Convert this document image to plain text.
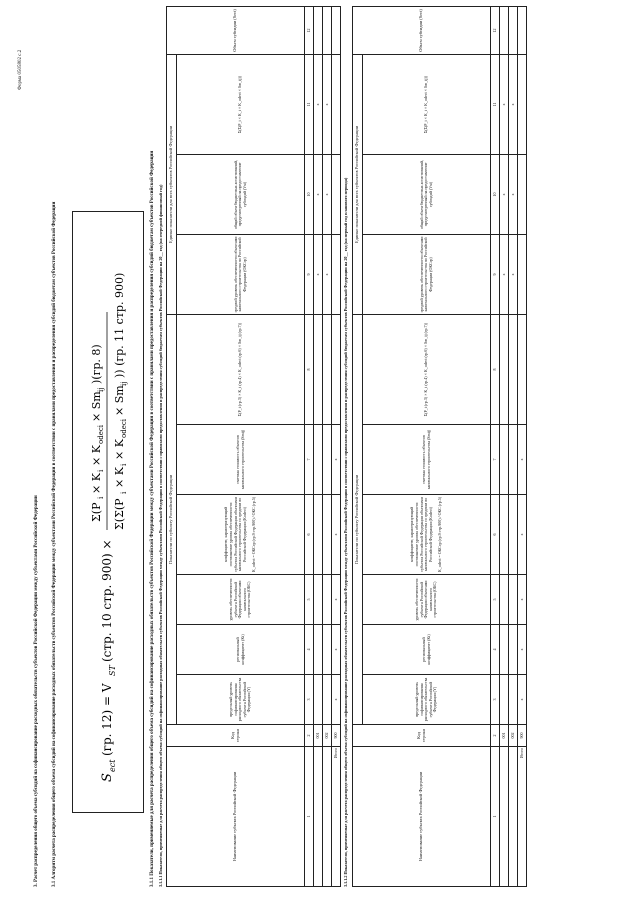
Форма 0505802 с.2
3. Расчет распределения общего объема субсидий на софинансирование расходных обязательств субъектов Российской Федерации между субъектами Российской Федерации	3.1 Алгоритм расчета распределения общего объема субсидий на софинансирование расходных обязательств субъектов Российской Федерации между субъектами Российской Федерации в соответствии с правилами предоставления и распределения субсидий бюджетам субъектов Российской Федерации	S
ect
(гр. 12) = V
ST
(стр. 10 стр. 900) ×
Σ(P
i
× K
i
× K
odeci
× Sm
ij
)(гр. 8)
Σ(Σ(P
i
× K
i
× K
odeci
× Sm
ij
)) (гр. 11 стр. 900)	3.1.1 Показатели, применяемые для расчета распределения общего объема субсидий на софинансирование расходных обязательств субъектов Российской Федерации между субъектами Российской Федерации в соответствии с правилами предоставления и распределения субсидий бюджетам субъектов Российской Федерации 3.1.1.1 Показатели, применяемые для расчета распределения общего объема субсидий на софинансирование расходных обязательств субъектов Российской Федерации между субъектами Российской Федерации в соответствии с правилами предоставления и распределения субсидий бюджетам субъектов Российской Федерации на 20__ год (на очередной финансовый год)	Наименование субъекта Российской Федерации	Код строки	Показатели по субъекту Российской Федерации						Единые показатели для всех субъектов Российской Федерации			Объем субсидии (Sect)
		предельный уровень софинансирования расходного обязательства субъекта Российской Федерации (Y)	региональный коэффициент (Ki)	уровень обеспеченности субъекта Российской Федерации объектами капитального строительства (ОКС)	коэффициент, характеризующий соотношение уровня обеспеченности субъекта Российской Федерации объектами капитального строительства со средним по Российской Федерации (Kodeci) K_odeci = ОКСср (гр.9 стр.900) / ОКС (гр.5)	сметная стоимость объектов капитального строительства (Smij)	Σ(P_i (гр.3) × K_i (гр.4) × K_odeci (гр.6) × Sm_ij (гр.7))	средний уровень обеспеченности объектами капитального строительства по Российской Федерации (ОКСср)	общий объем бюджетных ассигнований, предусмотренный на предоставление субсидий (Vst)	Σ(Σ(P_i × K_i × K_odeci × Sm_ij))	
1	2	3	4	5	6	7	8	9	10	11	12
	001							x	x	x	
	002							x	x	x	
Итого	900	x	x	x	x	x					3.1.1.2 Показатели, применяемые для расчета распределения общего объема субсидий на софинансирование расходных обязательств субъектов Российской Федерации между субъектами Российской Федерации в соответствии с правилами предоставления и распределения субсидий бюджетам субъектов Российской Федерации на 20__ год (на первый год планового периода)	Наименование субъекта Российской Федерации	Код строки	Показатели по субъекту Российской Федерации						Единые показатели для всех субъектов Российской Федерации			Объем субсидии (Sect)
		предельный уровень софинансирования расходного обязательства субъекта Российской Федерации (Y)	региональный коэффициент (Ki)	уровень обеспеченности субъекта Российской Федерации объектами капитального строительства (ОКС)	коэффициент, характеризующий соотношение уровня обеспеченности субъекта Российской Федерации объектами капитального строительства со средним по Российской Федерации (Kodeci) K_odeci = ОКСср (гр.9 стр.900) / ОКС (гр.5)	сметная стоимость объектов капитального строительства (Smij)	Σ(P_i (гр.3) × K_i (гр.4) × K_odeci (гр.6) × Sm_ij (гр.7))	средний уровень обеспеченности объектами капитального строительства по Российской Федерации (ОКСср)	общий объем бюджетных ассигнований, предусмотренный на предоставление субсидий (Vst)	Σ(Σ(P_i × K_i × K_odeci × Sm_ij))	
1	2	3	4	5	6	7	8	9	10	11	12
	001							x	x	x	
	002							x	x	x	
Итого	900	x	x	x	x	x					
